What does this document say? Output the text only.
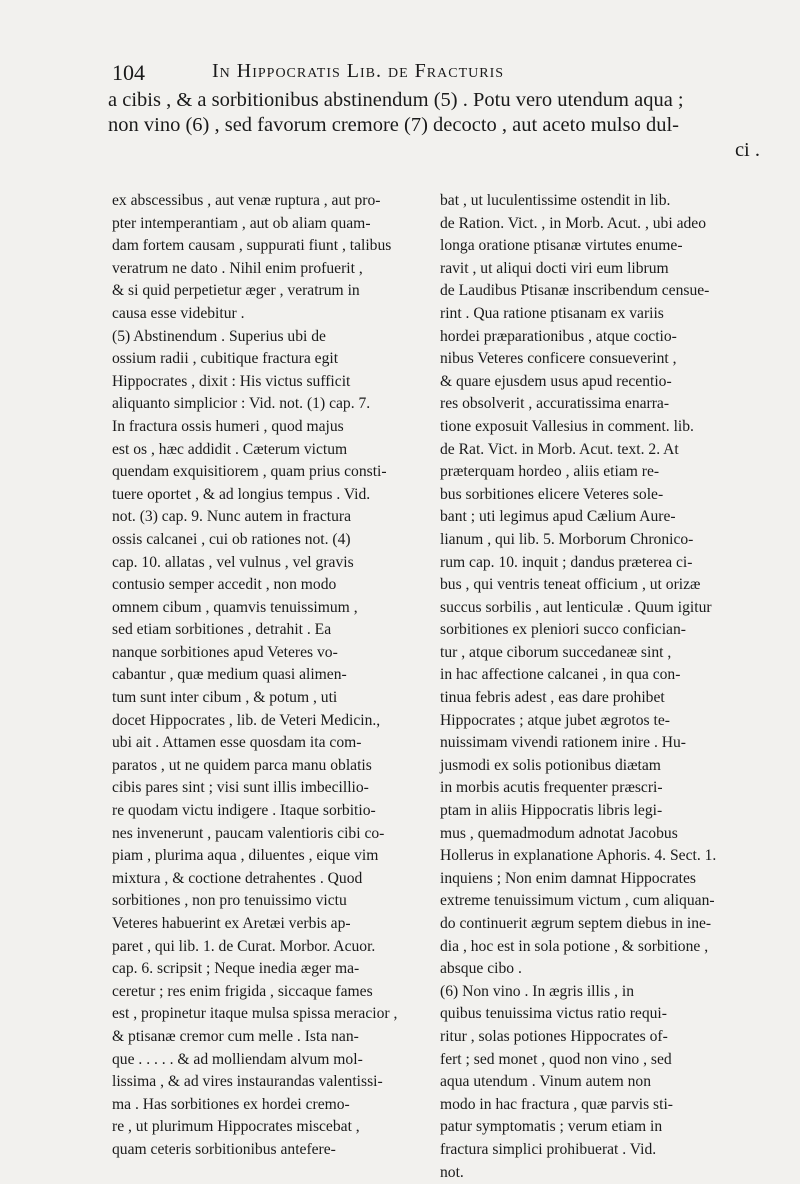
104	In Hippocratis Lib. de Fracturis
a cibis , & a sorbitionibus abstinendum (5) . Potu vero utendum aqua ;
non vino (6) , sed favorum cremore (7) decocto , aut aceto mulso dul-
ci .
ex abscessibus , aut venæ ruptura , aut pro-
pter intemperantiam , aut ob aliam quam-
dam fortem causam , suppurati fiunt , talibus
veratrum ne dato . Nihil enim profuerit ,
& si quid perpetietur æger , veratrum in
causa esse videbitur .
(5) Abstinendum . Superius ubi de
ossium radii , cubitique fractura egit
Hippocrates , dixit : His victus sufficit
aliquanto simplicior : Vid. not. (1) cap. 7.
In fractura ossis humeri , quod majus
est os , hæc addidit . Cæterum victum
quendam exquisitiorem , quam prius consti-
tuere oportet , & ad longius tempus . Vid.
not. (3) cap. 9. Nunc autem in fractura
ossis calcanei , cui ob rationes not. (4)
cap. 10. allatas , vel vulnus , vel gravis
contusio semper accedit , non modo
omnem cibum , quamvis tenuissimum ,
sed etiam sorbitiones , detrahit . Ea
nanque sorbitiones apud Veteres vo-
cabantur , quæ medium quasi alimen-
tum sunt inter cibum , & potum , uti
docet Hippocrates , lib. de Veteri Medicin.,
ubi ait . Attamen esse quosdam ita com-
paratos , ut ne quidem parca manu oblatis
cibis pares sint ; visi sunt illis imbecillio-
re quodam victu indigere . Itaque sorbitio-
nes invenerunt , paucam valentioris cibi co-
piam , plurima aqua , diluentes , eique vim
mixtura , & coctione detrahentes . Quod
sorbitiones , non pro tenuissimo victu
Veteres habuerint ex Aretæi verbis ap-
paret , qui lib. 1. de Curat. Morbor. Acuor.
cap. 6. scripsit ; Neque inedia æger ma-
ceretur ; res enim frigida , siccaque fames
est , propinetur itaque mulsa spissa meracior ,
& ptisanæ cremor cum melle . Ista nan-
que . . . . . & ad molliendam alvum mol-
lissima , & ad vires instaurandas valentissi-
ma . Has sorbitiones ex hordei cremo-
re , ut plurimum Hippocrates miscebat ,
quam ceteris sorbitionibus antefere-
bat , ut luculentissime ostendit in lib.
de Ration. Vict. , in Morb. Acut. , ubi adeo
longa oratione ptisanæ virtutes enume-
ravit , ut aliqui docti viri eum librum
de Laudibus Ptisanæ inscribendum censue-
rint . Qua ratione ptisanam ex variis
hordei præparationibus , atque coctio-
nibus Veteres conficere consueverint ,
& quare ejusdem usus apud recentio-
res obsolverit , accuratissima enarra-
tione exposuit Vallesius in comment. lib.
de Rat. Vict. in Morb. Acut. text. 2. At
præterquam hordeo , aliis etiam re-
bus sorbitiones elicere Veteres sole-
bant ; uti legimus apud Cælium Aure-
lianum , qui lib. 5. Morborum Chronico-
rum cap. 10. inquit ; dandus præterea ci-
bus , qui ventris teneat officium , ut orizæ
succus sorbilis , aut lenticulæ . Quum igitur
sorbitiones ex pleniori succo confician-
tur , atque ciborum succedaneæ sint ,
in hac affectione calcanei , in qua con-
tinua febris adest , eas dare prohibet
Hippocrates ; atque jubet ægrotos te-
nuissimam vivendi rationem inire . Hu-
jusmodi ex solis potionibus diætam
in morbis acutis frequenter præscri-
ptam in aliis Hippocratis libris legi-
mus , quemadmodum adnotat Jacobus
Hollerus in explanatione Aphoris. 4. Sect. 1.
inquiens ; Non enim damnat Hippocrates
extreme tenuissimum victum , cum aliquan-
do continuerit ægrum septem diebus in ine-
dia , hoc est in sola potione , & sorbitione ,
absque cibo .
(6) Non vino . In ægris illis , in
quibus tenuissima victus ratio requi-
ritur , solas potiones Hippocrates of-
fert ; sed monet , quod non vino , sed
aqua utendum . Vinum autem non
modo in hac fractura , quæ parvis sti-
patur symptomatis ; verum etiam in
fractura simplici prohibuerat . Vid.
not.
